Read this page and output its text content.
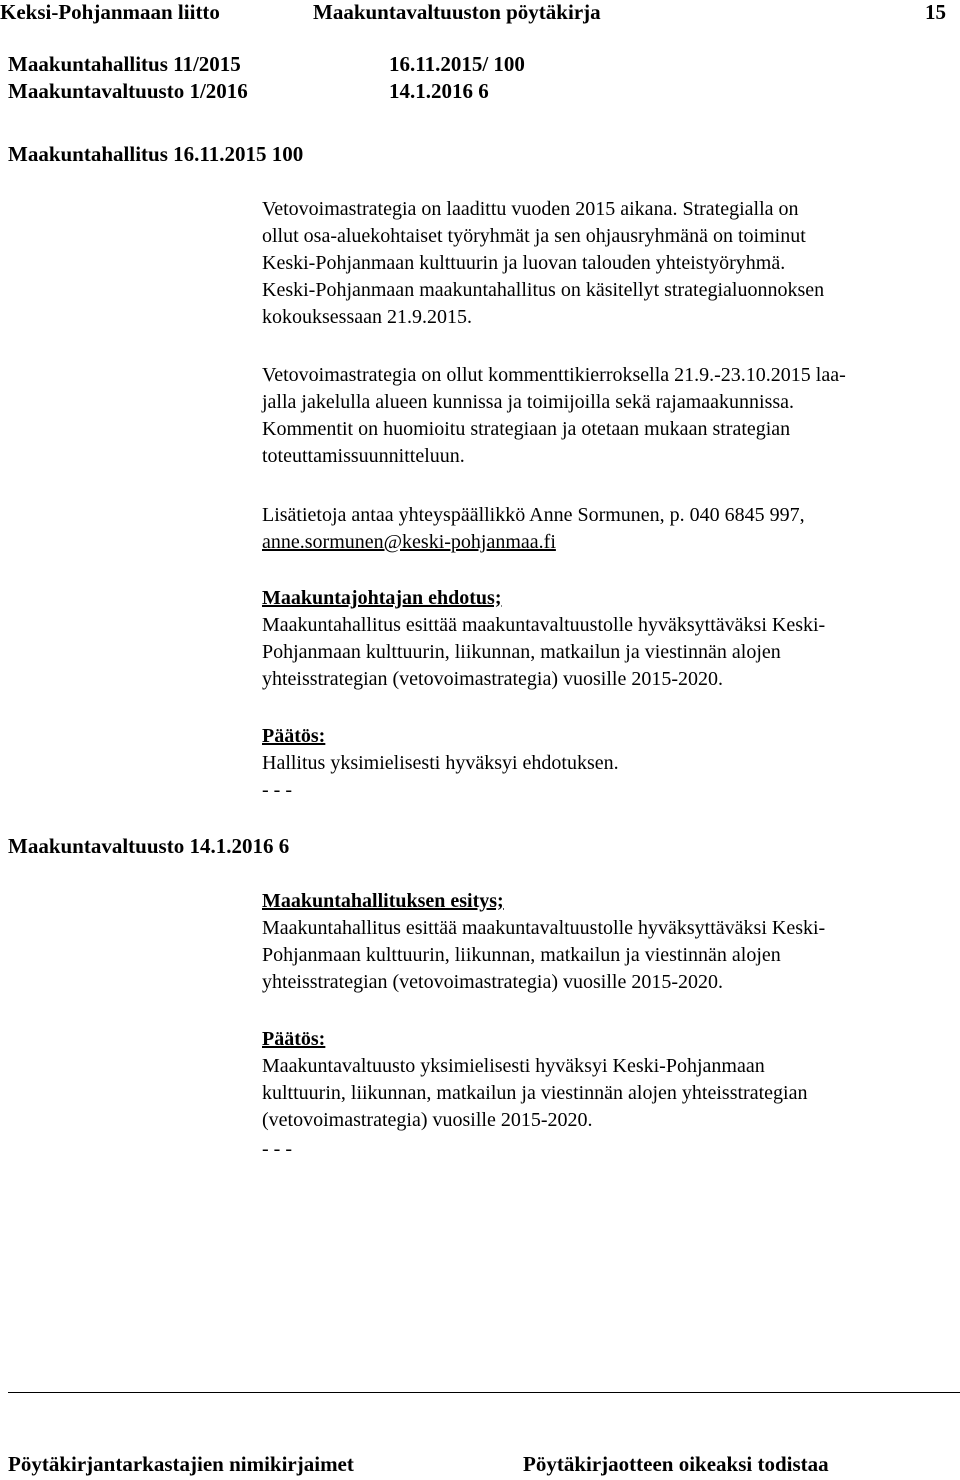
Keksi-Pohjanmaan liitto	Maakuntavaltuuston pöytäkirja	15
Maakuntahallitus 11/2015	16.11.2015/ 100
Maakuntavaltuusto 1/2016	14.1.2016 6
Maakuntahallitus 16.11.2015 100
Vetovoimastrategia on laadittu vuoden 2015 aikana. Strategialla on
ollut osa-aluekohtaiset työryhmät ja sen ohjausryhmänä on toiminut
Keski-Pohjanmaan kulttuurin ja luovan talouden yhteistyöryhmä.
Keski-Pohjanmaan maakuntahallitus on käsitellyt strategialuonnoksen
kokouksessaan 21.9.2015.
Vetovoimastrategia on ollut kommenttikierroksella 21.9.-23.10.2015 laa-
jalla jakelulla alueen kunnissa ja toimijoilla sekä rajamaakunnissa.
Kommentit on huomioitu strategiaan ja otetaan mukaan strategian
toteuttamissuunnitteluun.
Lisätietoja antaa yhteyspäällikkö Anne Sormunen, p. 040 6845 997,
anne.sormunen@keski-pohjanmaa.fi
Maakuntajohtajan ehdotus;
Maakuntahallitus esittää maakuntavaltuustolle hyväksyttäväksi Keski-
Pohjanmaan kulttuurin, liikunnan, matkailun ja viestinnän alojen
yhteisstrategian (vetovoimastrategia) vuosille 2015-2020.
Päätös:
Hallitus yksimielisesti hyväksyi ehdotuksen.
- - -
Maakuntavaltuusto 14.1.2016 6
Maakuntahallituksen esitys;
Maakuntahallitus esittää maakuntavaltuustolle hyväksyttäväksi Keski-
Pohjanmaan kulttuurin, liikunnan, matkailun ja viestinnän alojen
yhteisstrategian (vetovoimastrategia) vuosille 2015-2020.
Päätös:
Maakuntavaltuusto yksimielisesti hyväksyi Keski-Pohjanmaan
kulttuurin, liikunnan, matkailun ja viestinnän alojen yhteisstrategian
(vetovoimastrategia) vuosille 2015-2020.
- - -
Pöytäkirjantarkastajien nimikirjaimet	Pöytäkirjaotteen oikeaksi todistaa
